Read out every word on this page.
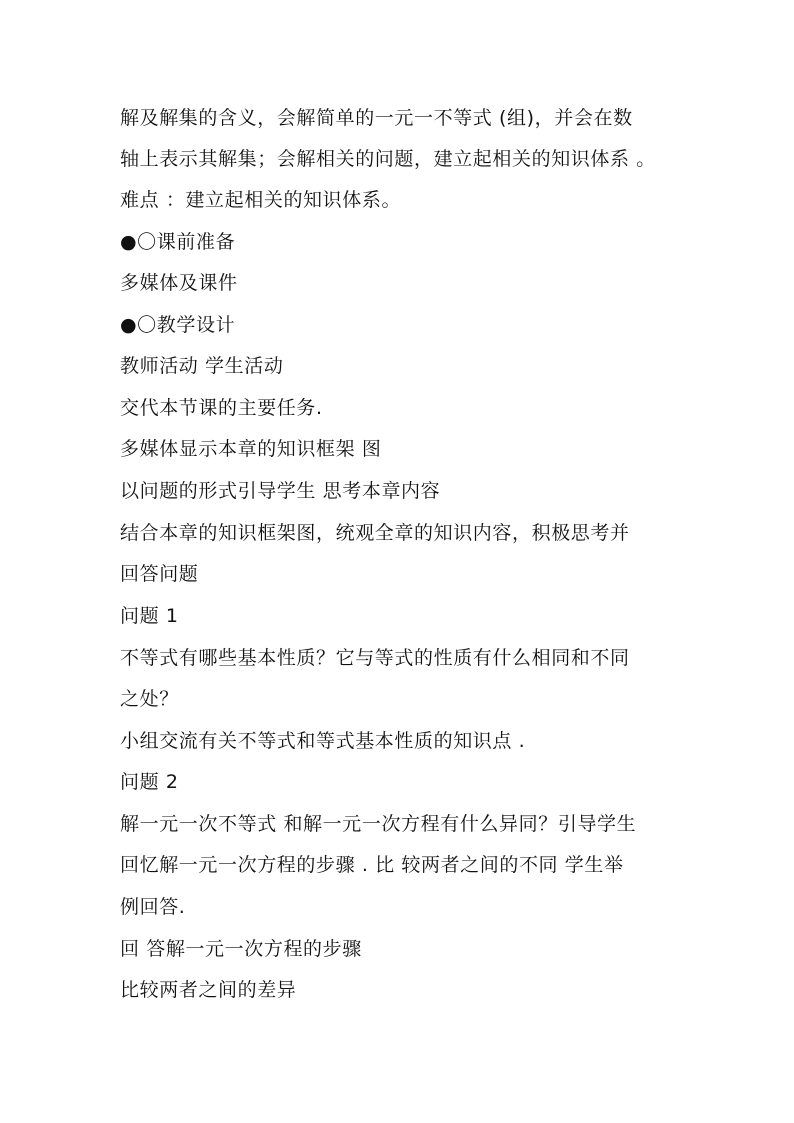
解及解集的含义，会解简单的一元一不等式 (组)，并会在数
轴上表示其解集；会解相关的问题，建立起相关的知识体系 。
难点 ：建立起相关的知识体系。
●〇课前准备
多媒体及课件
●〇教学设计
教师活动 学生活动
交代本节课的主要任务.
多媒体显示本章的知识框架 图
以问题的形式引导学生 思考本章内容
结合本章的知识框架图，统观全章的知识内容，积极思考并
回答问题
问题 1
不等式有哪些基本性质？它与等式的性质有什么相同和不同
之处？
小组交流有关不等式和等式基本性质的知识点 .
问题 2
解一元一次不等式 和解一元一次方程有什么异同？引导学生
回忆解一元一次方程的步骤 . 比 较两者之间的不同 学生举
例回答.
回 答解一元一次方程的步骤
比较两者之间的差异
